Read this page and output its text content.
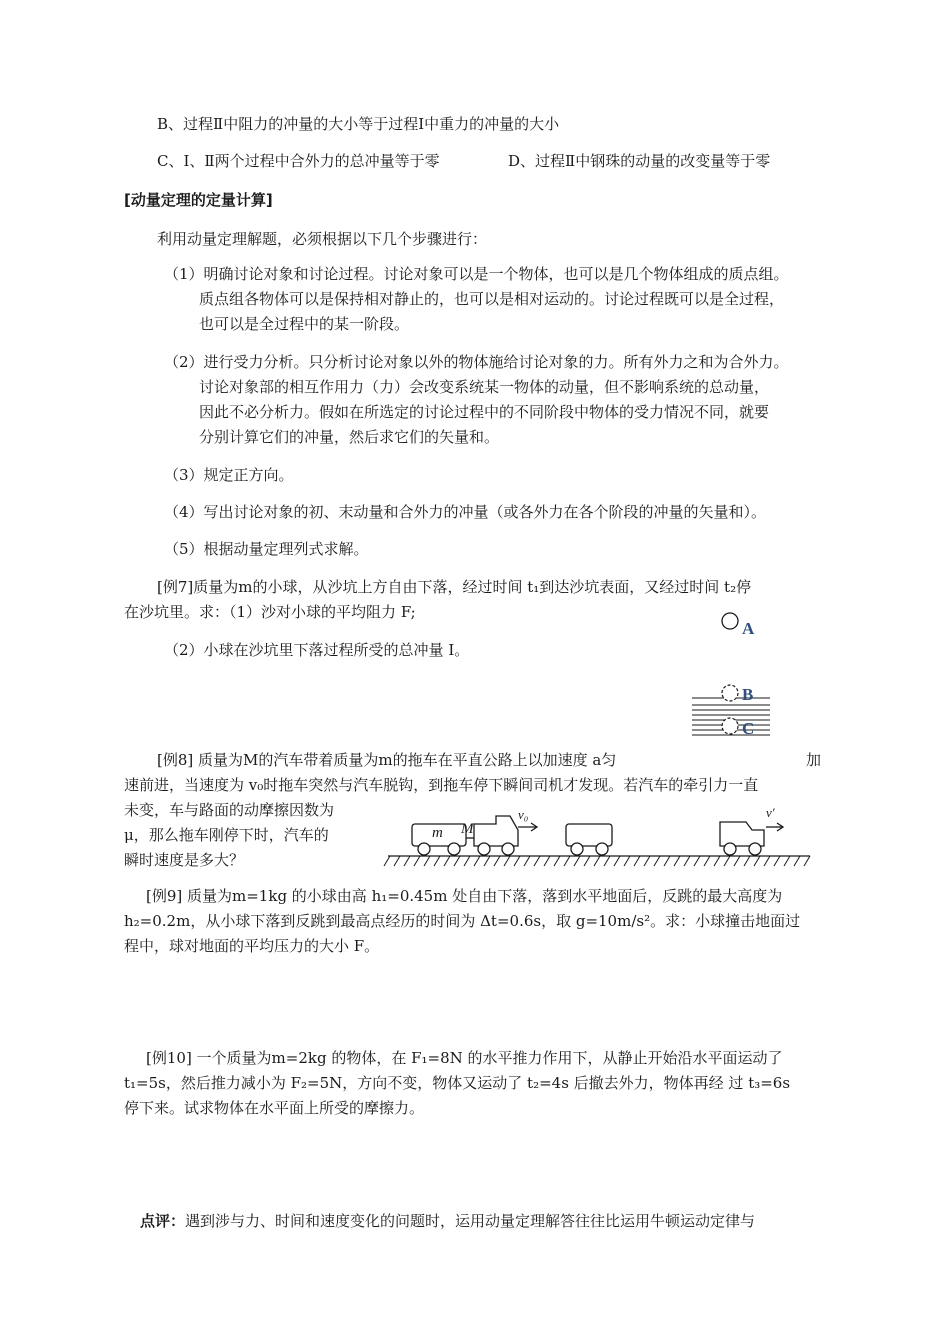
B、过程Ⅱ中阻力的冲量的大小等于过程Ⅰ中重力的冲量的大小
C、Ⅰ、Ⅱ两个过程中合外力的总冲量等于零	D、过程Ⅱ中钢珠的动量的改变量等于零
[动量定理的定量计算]
利用动量定理解题，必须根据以下几个步骤进行：
（1）明确讨论对象和讨论过程。讨论对象可以是一个物体，也可以是几个物体组成的质点组。
质点组各物体可以是保持相对静止的，也可以是相对运动的。讨论过程既可以是全过程，
也可以是全过程中的某一阶段。
（2）进行受力分析。只分析讨论对象以外的物体施给讨论对象的力。所有外力之和为合外力。
讨论对象部的相互作用力（力）会改变系统某一物体的动量，但不影响系统的总动量，
因此不必分析力。假如在所选定的讨论过程中的不同阶段中物体的受力情况不同，就要
分别计算它们的冲量，然后求它们的矢量和。
（3）规定正方向。
（4）写出讨论对象的初、末动量和合外力的冲量（或各外力在各个阶段的冲量的矢量和）。
（5）根据动量定理列式求解。
[例7]质量为m的小球，从沙坑上方自由下落，经过时间 t₁到达沙坑表面，又经过时间 t₂停
在沙坑里。求：（1）沙对小球的平均阻力 F;
（2）小球在沙坑里下落过程所受的总冲量 I。
A
B
C
[例8] 质量为M的汽车带着质量为m的拖车在平直公路上以加速度 a匀	加
速前进，当速度为 v₀时拖车突然与汽车脱钩，到拖车停下瞬间司机才发现。若汽车的牵引力一直
未变，车与路面的动摩擦因数为
μ，那么拖车刚停下时，汽车的
瞬时速度是多大？
m M
v₀	v′
[例9] 质量为m=1kg 的小球由高 h₁=0.45m 处自由下落，落到水平地面后，反跳的最大高度为
h₂=0.2m，从小球下落到反跳到最高点经历的时间为 Δt=0.6s，取 g=10m/s²。求：小球撞击地面过
程中，球对地面的平均压力的大小 F。
[例10] 一个质量为m=2kg 的物体，在 F₁=8N 的水平推力作用下，从静止开始沿水平面运动了
t₁=5s，然后推力减小为 F₂=5N，方向不变，物体又运动了 t₂=4s 后撤去外力，物体再经 过 t₃=6s
停下来。试求物体在水平面上所受的摩擦力。
点评：遇到涉与力、时间和速度变化的问题时，运用动量定理解答往往比运用牛顿运动定律与
